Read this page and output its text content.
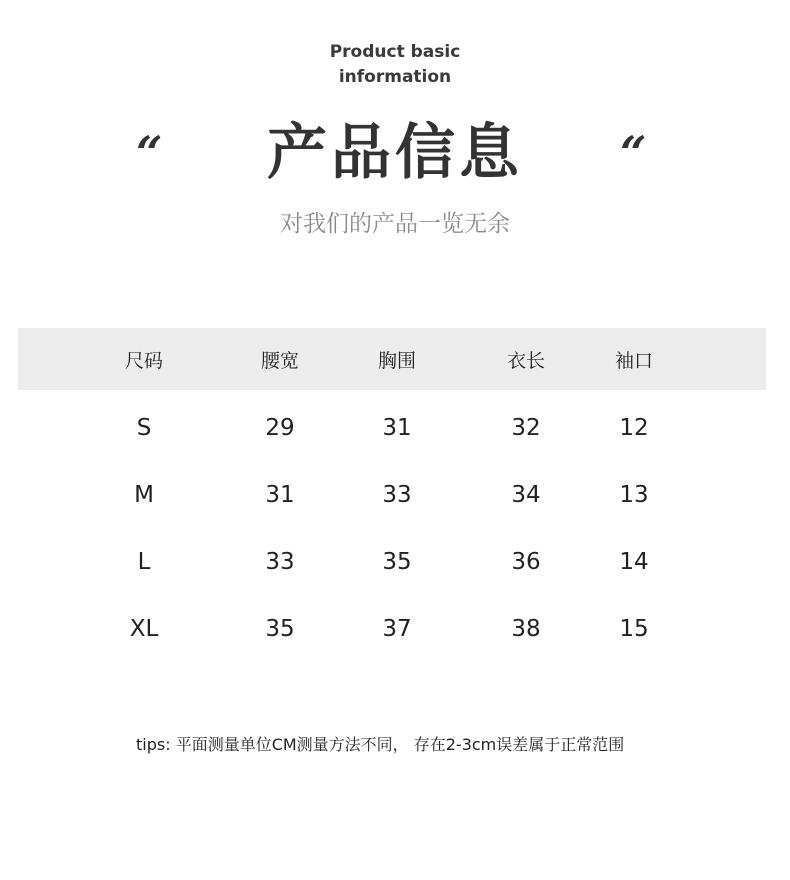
Product basic
information
“	产品信息	“
对我们的产品一览无余
尺码	腰宽	胸围	衣长	袖口
S	29	31	32	12
M	31	33	34	13
L	33	35	36	14
XL	35	37	38	15
tips: 平面测量单位CM测量方法不同， 存在2-3cm误差属于正常范围
